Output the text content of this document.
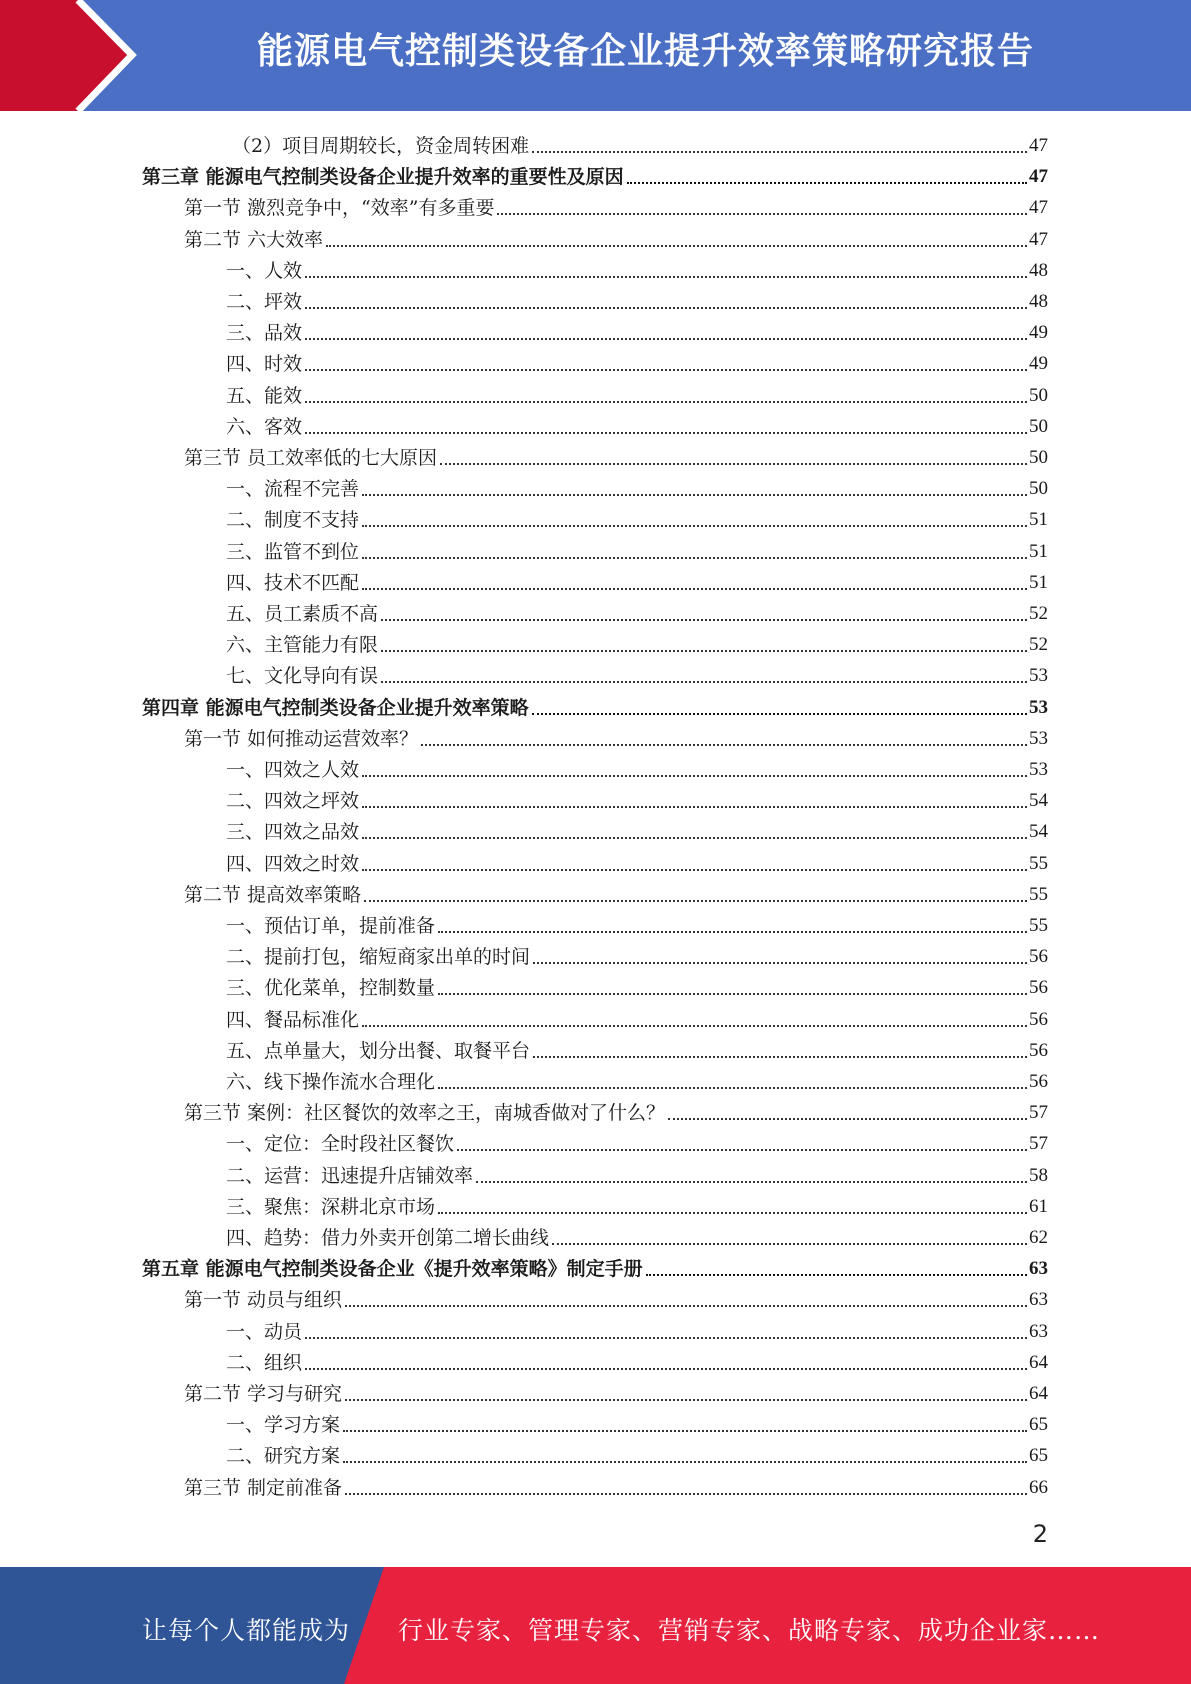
能源电气控制类设备企业提升效率策略研究报告
（2）项目周期较长，资金周转困难	47
第三章 能源电气控制类设备企业提升效率的重要性及原因	47
第一节 激烈竞争中，“效率”有多重要	47
第二节 六大效率	47
一、人效	48
二、坪效	48
三、品效	49
四、时效	49
五、能效	50
六、客效	50
第三节 员工效率低的七大原因	50
一、流程不完善	50
二、制度不支持	51
三、监管不到位	51
四、技术不匹配	51
五、员工素质不高	52
六、主管能力有限	52
七、文化导向有误	53
第四章 能源电气控制类设备企业提升效率策略	53
第一节 如何推动运营效率？	53
一、四效之人效	53
二、四效之坪效	54
三、四效之品效	54
四、四效之时效	55
第二节 提高效率策略	55
一、预估订单，提前准备	55
二、提前打包，缩短商家出单的时间	56
三、优化菜单，控制数量	56
四、餐品标准化	56
五、点单量大，划分出餐、取餐平台	56
六、线下操作流水合理化	56
第三节 案例：社区餐饮的效率之王，南城香做对了什么？	57
一、定位：全时段社区餐饮	57
二、运营：迅速提升店铺效率	58
三、聚焦：深耕北京市场	61
四、趋势：借力外卖开创第二增长曲线	62
第五章 能源电气控制类设备企业《提升效率策略》制定手册	63
第一节 动员与组织	63
一、动员	63
二、组织	64
第二节 学习与研究	64
一、学习方案	65
二、研究方案	65
第三节 制定前准备	66
2
让每个人都能成为 行业专家、管理专家、营销专家、战略专家、成功企业家……
